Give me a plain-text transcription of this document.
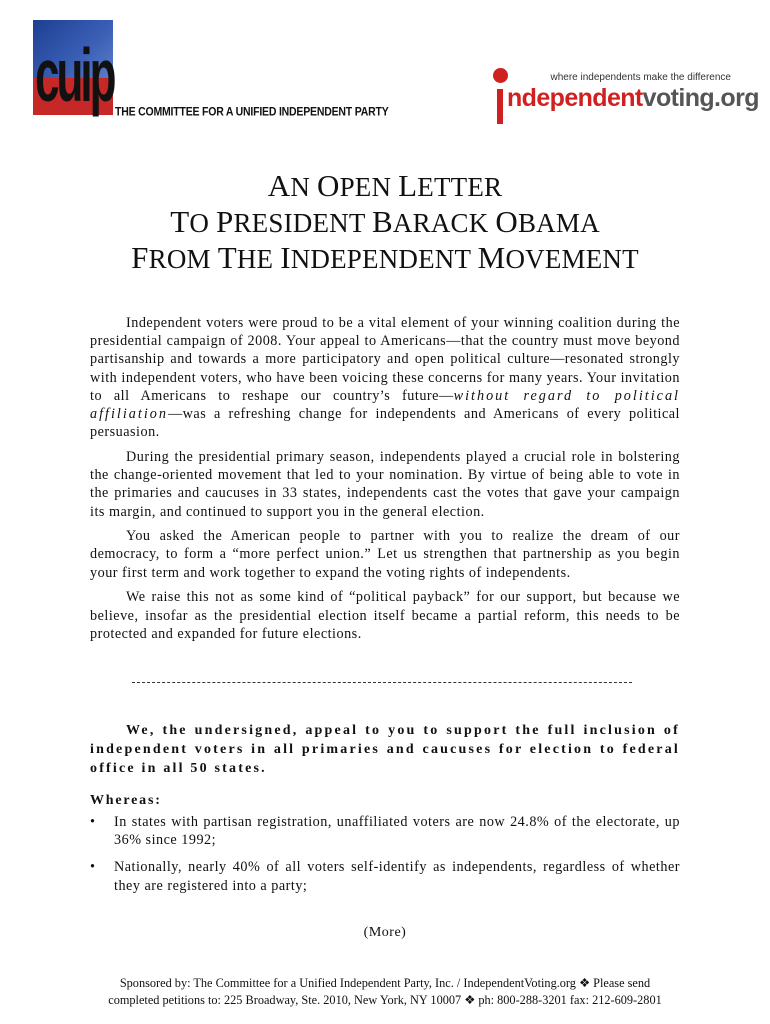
cuip THE COMMITTEE FOR A UNIFIED INDEPENDENT PARTY
where independents make the difference
ndependentvoting.org
AN OPEN LETTER
TO PRESIDENT BARACK OBAMA
FROM THE INDEPENDENT MOVEMENT

Independent voters were proud to be a vital element of your winning coalition during the presidential campaign of 2008. Your appeal to Americans—that the country must move beyond partisanship and towards a more participatory and open political culture—resonated strongly with independent voters, who have been voicing these concerns for many years. Your invitation to all Americans to reshape our country’s future—without regard to political affiliation—was a refreshing change for independents and Americans of every political persuasion.

During the presidential primary season, independents played a crucial role in bolstering the change-oriented movement that led to your nomination. By virtue of being able to vote in the primaries and caucuses in 33 states, independents cast the votes that gave your campaign its margin, and continued to support you in the general election.

You asked the American people to partner with you to realize the dream of our democracy, to form a “more perfect union.” Let us strengthen that partnership as you begin your first term and work together to expand the voting rights of independents.

We raise this not as some kind of “political payback” for our support, but because we believe, insofar as the presidential election itself became a partial reform, this needs to be protected and expanded for future elections.

We, the undersigned, appeal to you to support the full inclusion of independent voters in all primaries and caucuses for election to federal office in all 50 states.
Whereas:
• In states with partisan registration, unaffiliated voters are now 24.8% of the electorate, up 36% since 1992;
• Nationally, nearly 40% of all voters self-identify as independents, regardless of whether they are registered into a party;
(More)
Sponsored by: The Committee for a Unified Independent Party, Inc. / IndependentVoting.org ❖ Please send
completed petitions to: 225 Broadway, Ste. 2010, New York, NY 10007 ❖ ph: 800-288-3201 fax: 212-609-2801
